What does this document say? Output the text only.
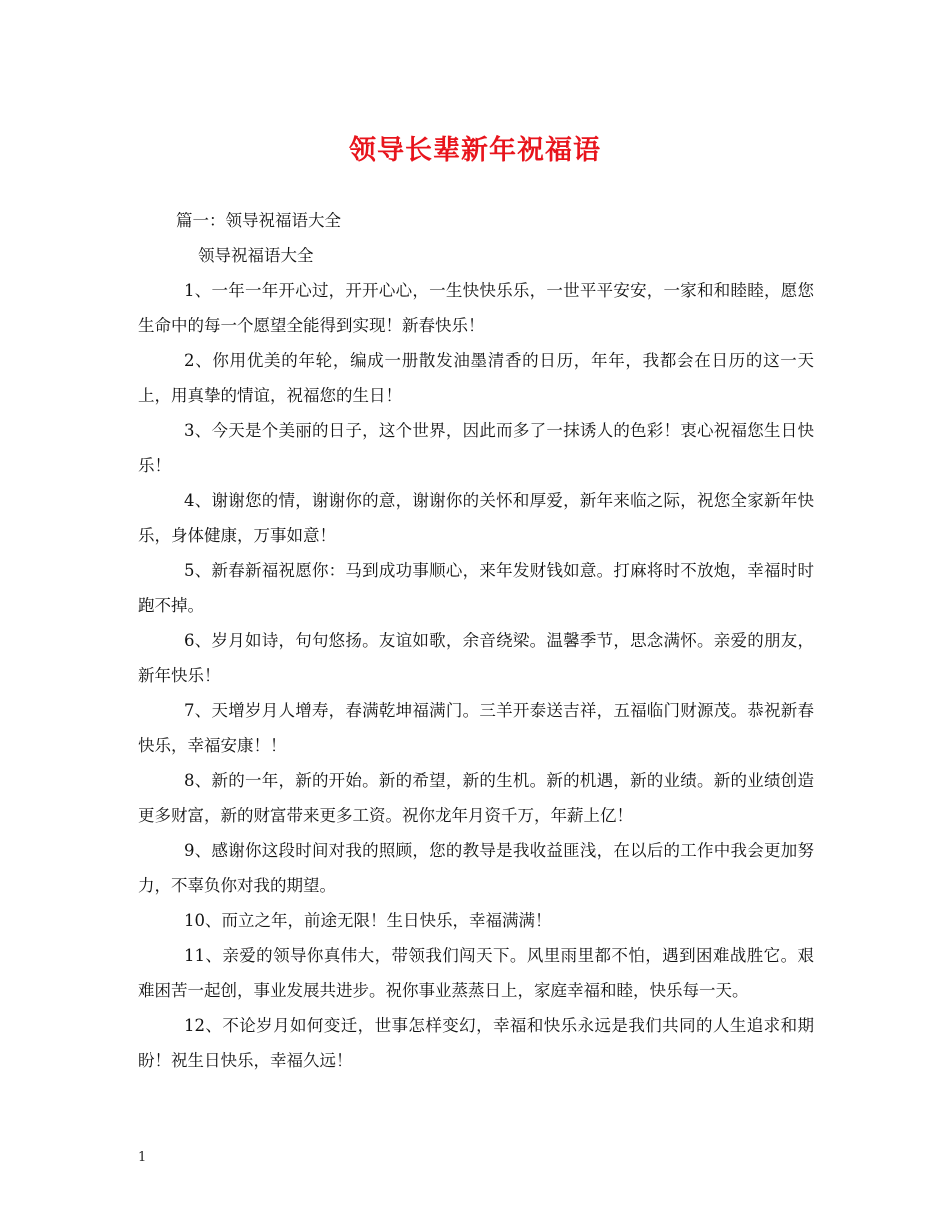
领导长辈新年祝福语

篇一：领导祝福语大全

领导祝福语大全

1、一年一年开心过，开开心心，一生快快乐乐，一世平平安安，一家和和睦睦，愿您生命中的每一个愿望全能得到实现！新春快乐！

2、你用优美的年轮，编成一册散发油墨清香的日历，年年，我都会在日历的这一天上，用真挚的情谊，祝福您的生日！

3、今天是个美丽的日子，这个世界，因此而多了一抹诱人的色彩！衷心祝福您生日快乐！

4、谢谢您的情，谢谢你的意，谢谢你的关怀和厚爱，新年来临之际，祝您全家新年快乐，身体健康，万事如意！

5、新春新福祝愿你：马到成功事顺心，来年发财钱如意。打麻将时不放炮，幸福时时跑不掉。

6、岁月如诗，句句悠扬。友谊如歌，余音绕梁。温馨季节，思念满怀。亲爱的朋友，新年快乐！

7、天增岁月人增寿，春满乾坤福满门。三羊开泰送吉祥，五福临门财源茂。恭祝新春快乐，幸福安康！！

8、新的一年，新的开始。新的希望，新的生机。新的机遇，新的业绩。新的业绩创造更多财富，新的财富带来更多工资。祝你龙年月资千万，年薪上亿！

9、感谢你这段时间对我的照顾，您的教导是我收益匪浅，在以后的工作中我会更加努力，不辜负你对我的期望。

10、而立之年，前途无限！生日快乐，幸福满满！

11、亲爱的领导你真伟大，带领我们闯天下。风里雨里都不怕，遇到困难战胜它。艰难困苦一起创，事业发展共进步。祝你事业蒸蒸日上，家庭幸福和睦，快乐每一天。

12、不论岁月如何变迁，世事怎样变幻，幸福和快乐永远是我们共同的人生追求和期盼！祝生日快乐，幸福久远！

1
